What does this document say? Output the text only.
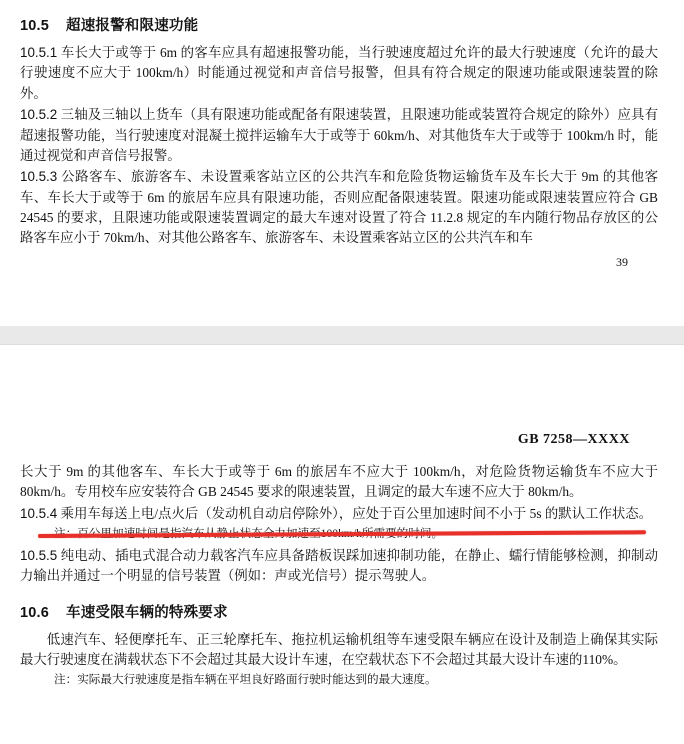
10.5 超速报警和限速功能

10.5.1 车长大于或等于 6m 的客车应具有超速报警功能，当行驶速度超过允许的最大行驶速度（允许的最大行驶速度不应大于 100km/h）时能通过视觉和声音信号报警，但具有符合规定的限速功能或限速装置的除外。

10.5.2 三轴及三轴以上货车（具有限速功能或配备有限速装置，且限速功能或装置符合规定的除外）应具有超速报警功能，当行驶速度对混凝土搅拌运输车大于或等于 60km/h、对其他货车大于或等于 100km/h 时，能通过视觉和声音信号报警。

10.5.3 公路客车、旅游客车、未设置乘客站立区的公共汽车和危险货物运输货车及车长大于 9m 的其他客车、车长大于或等于 6m 的旅居车应具有限速功能，否则应配备限速装置。限速功能或限速装置应符合 GB 24545 的要求，且限速功能或限速装置调定的最大车速对设置了符合 11.2.8 规定的车内随行物品存放区的公路客车应小于 70km/h、对其他公路客车、旅游客车、未设置乘客站立区的公共汽车和车

39
GB 7258—XXXX

长大于 9m 的其他客车、车长大于或等于 6m 的旅居车不应大于 100km/h，对危险货物运输货车不应大于 80km/h。专用校车应安装符合 GB 24545 要求的限速装置，且调定的最大车速不应大于 80km/h。

10.5.4 乘用车每送上电/点火后（发动机自动启停除外），应处于百公里加速时间不小于 5s 的默认工作状态。

10.5.5 纯电动、插电式混合动力载客汽车应具备踏板误踩加速抑制功能，在静止、蠕行情能够检测，抑制动力输出并通过一个明显的信号装置（例如：声或光信号）提示驾驶人。

10.6 车速受限车辆的特殊要求

低速汽车、轻便摩托车、正三轮摩托车、拖拉机运输机组等车速受限车辆应在设计及制造上确保其实际最大行驶速度在满载状态下不会超过其最大设计车速，在空载状态下不会超过其最大设计车速的110%。

注：实际最大行驶速度是指车辆在平坦良好路面行驶时能达到的最大速度。
